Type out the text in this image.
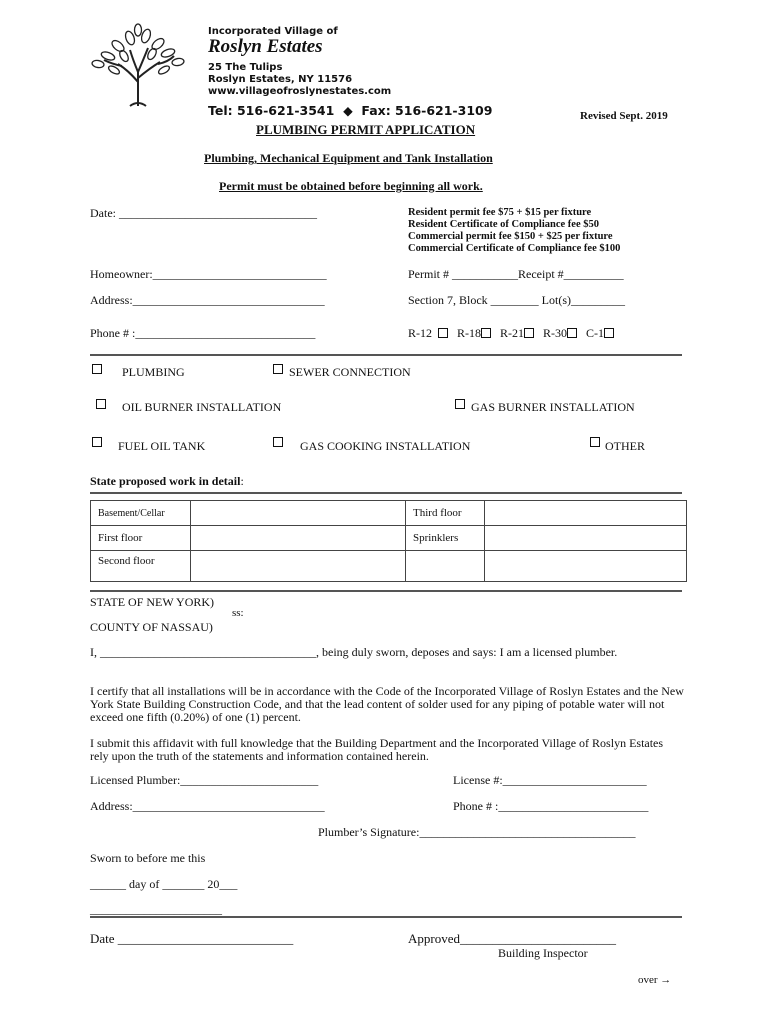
Incorporated Village of
Roslyn Estates
25 The Tulips
Roslyn Estates, NY 11576
www.villageofroslynestates.com
Tel: 516-621-3541 ◆ Fax: 516-621-3109	Revised Sept. 2019
PLUMBING PERMIT APPLICATION
Plumbing, Mechanical Equipment and Tank Installation
Permit must be obtained before beginning all work.
Date: _________________________________	Resident permit fee $75 + $15 per fixture
Resident Certificate of Compliance fee $50
Commercial permit fee $150 + $25 per fixture
Commercial Certificate of Compliance fee $100
Homeowner:_____________________________	Permit # ___________Receipt #__________
Address:________________________________	Section 7, Block ________ Lot(s)_________
Phone # :______________________________	R-12 R-18 R-21 R-30 C-1
PLUMBING	SEWER CONNECTION
OIL BURNER INSTALLATION	GAS BURNER INSTALLATION
FUEL OIL TANK	GAS COOKING INSTALLATION	OTHER
State proposed work in detail:
Basement/Cellar		Third floor	
First floor		Sprinklers	
Second floor			
STATE OF NEW YORK)
ss:
COUNTY OF NASSAU)
I, ____________________________________, being duly sworn, deposes and says: I am a licensed plumber.
I certify that all installations will be in accordance with the Code of the Incorporated Village of Roslyn Estates and the New York State Building Construction Code, and that the lead content of solder used for any piping of potable water will not exceed one fifth (0.20%) of one (1) percent.
I submit this affidavit with full knowledge that the Building Department and the Incorporated Village of Roslyn Estates rely upon the truth of the statements and information contained herein.
Licensed Plumber:_______________________	License #:________________________
Address:________________________________	Phone # :_________________________
Plumber’s Signature:____________________________________
Sworn to before me this
______ day of _______ 20___
______________________
Date ___________________________	Approved________________________
Building Inspector
over →
